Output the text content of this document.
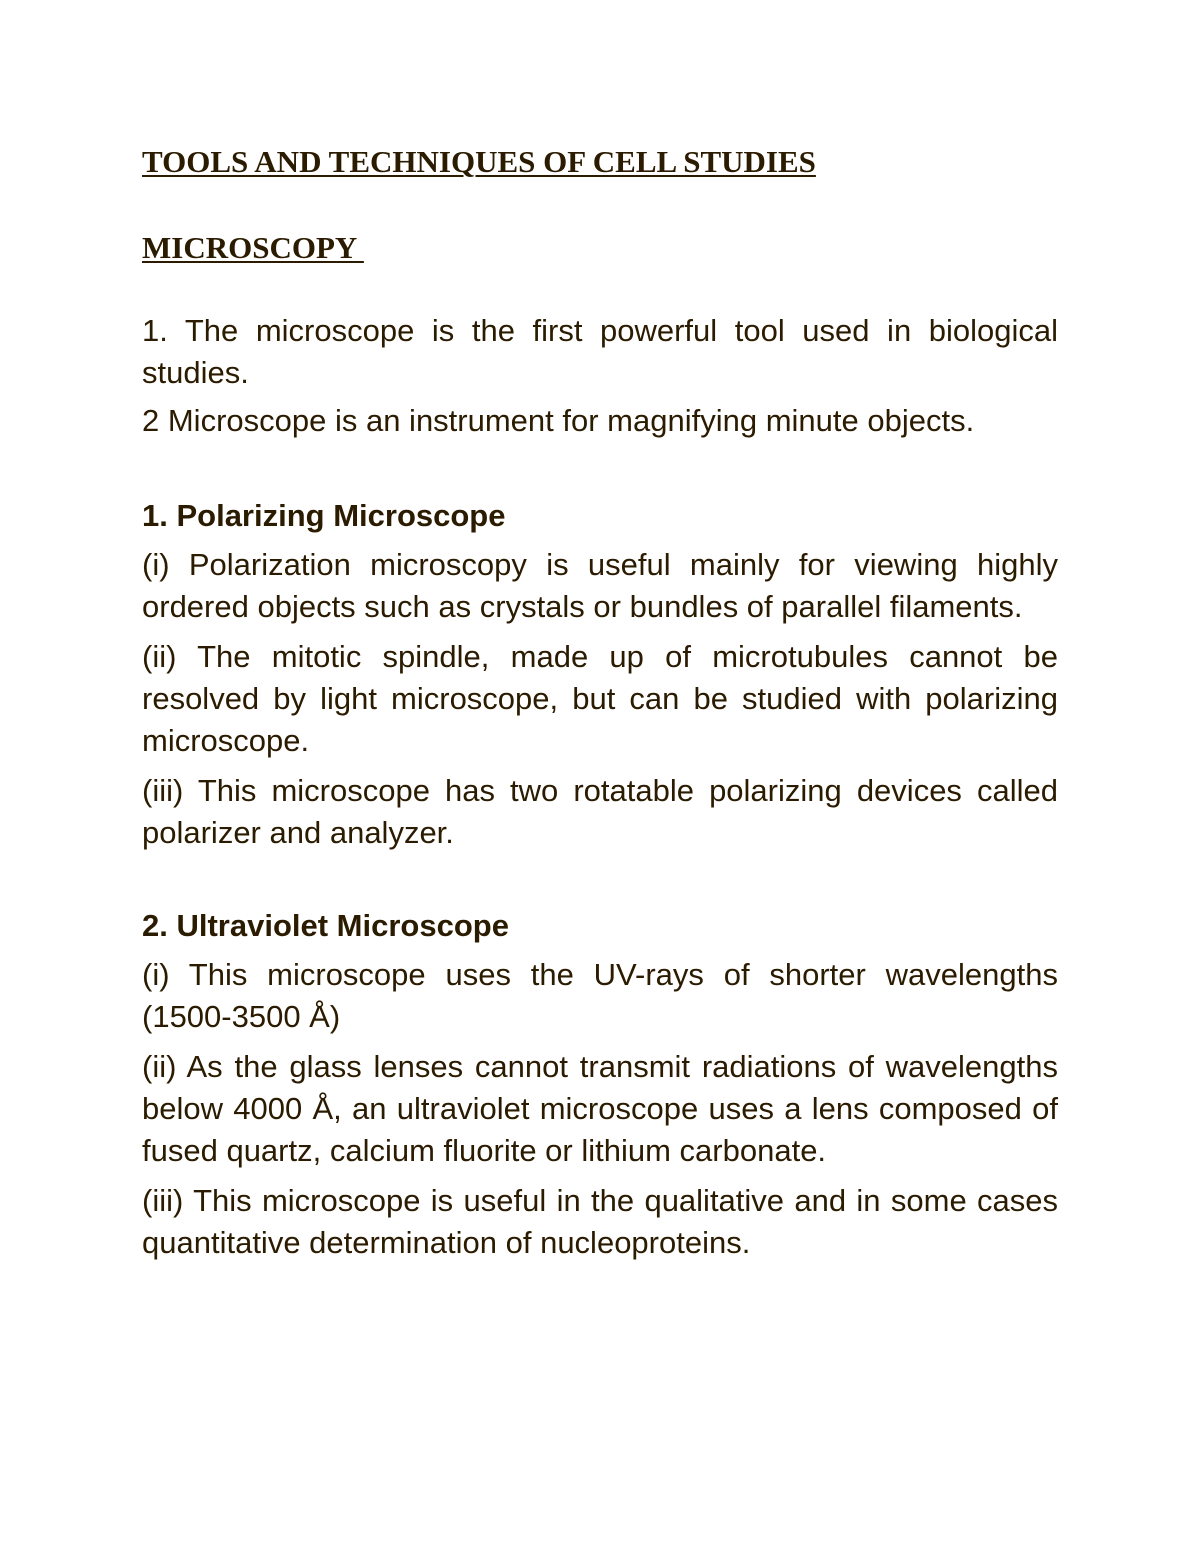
TOOLS AND TECHNIQUES OF CELL STUDIES
MICROSCOPY

1. The microscope is the first powerful tool used in biological studies.

2 Microscope is an instrument for magnifying minute objects.

1. Polarizing Microscope

(i) Polarization microscopy is useful mainly for viewing highly ordered objects such as crystals or bundles of parallel filaments.

(ii) The mitotic spindle, made up of microtubules cannot be resolved by light microscope, but can be studied with polarizing microscope.

(iii) This microscope has two rotatable polarizing devices called polarizer and analyzer.

2. Ultraviolet Microscope

(i) This microscope uses the UV-rays of shorter wavelengths (1500-3500 Å)

(ii) As the glass lenses cannot transmit radiations of wavelengths below 4000 Å, an ultraviolet microscope uses a lens composed of fused quartz, calcium fluorite or lithium carbonate.

(iii) This microscope is useful in the qualitative and in some cases quantitative determination of nucleoproteins.
